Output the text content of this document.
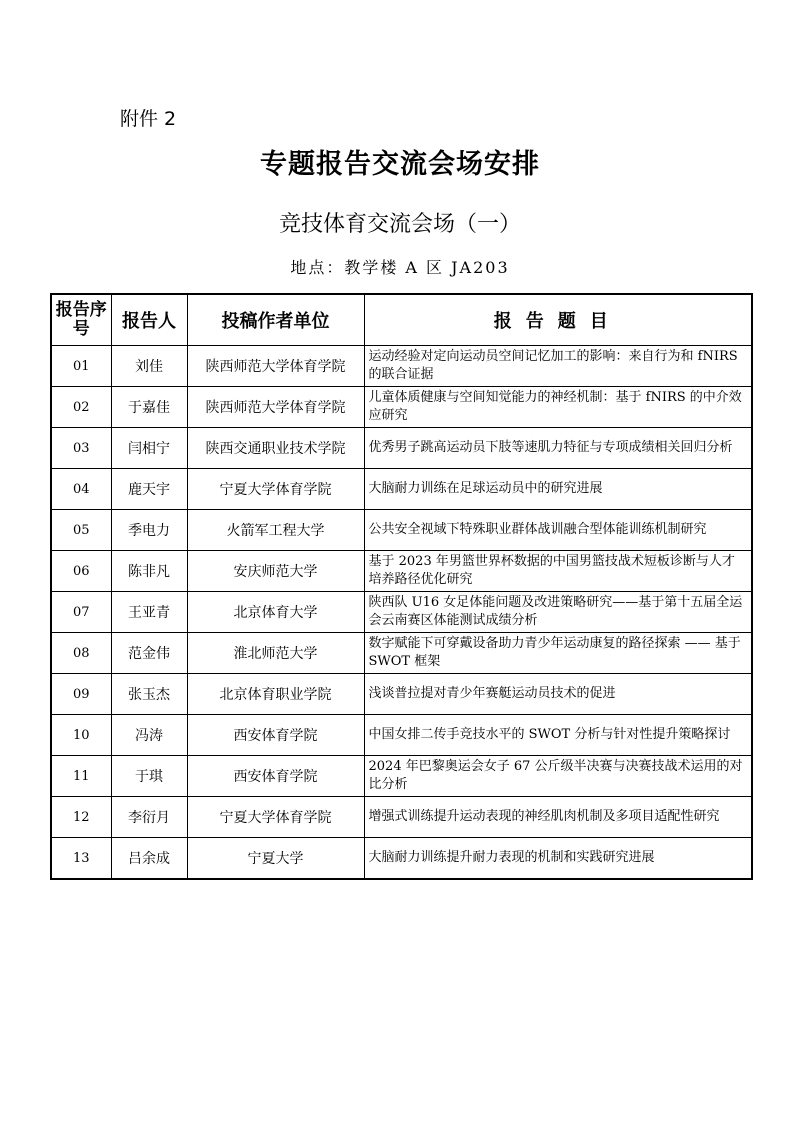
附件 2
专题报告交流会场安排
竞技体育交流会场（一）
地点：教学楼 A 区 JA203
报告序号	报告人	投稿作者单位	报告题目
01	刘佳	陕西师范大学体育学院	运动经验对定向运动员空间记忆加工的影响：来自行为和 fNIRS 的联合证据
02	于嘉佳	陕西师范大学体育学院	儿童体质健康与空间知觉能力的神经机制：基于 fNIRS 的中介效应研究
03	闫相宁	陕西交通职业技术学院	优秀男子跳高运动员下肢等速肌力特征与专项成绩相关回归分析
04	鹿天宇	宁夏大学体育学院	大脑耐力训练在足球运动员中的研究进展
05	季电力	火箭军工程大学	公共安全视域下特殊职业群体战训融合型体能训练机制研究
06	陈非凡	安庆师范大学	基于 2023 年男篮世界杯数据的中国男篮技战术短板诊断与人才培养路径优化研究
07	王亚青	北京体育大学	陕西队 U16 女足体能问题及改进策略研究——基于第十五届全运会云南赛区体能测试成绩分析
08	范金伟	淮北师范大学	数字赋能下可穿戴设备助力青少年运动康复的路径探索 —— 基于 SWOT 框架
09	张玉杰	北京体育职业学院	浅谈普拉提对青少年赛艇运动员技术的促进
10	冯涛	西安体育学院	中国女排二传手竞技水平的 SWOT 分析与针对性提升策略探讨
11	于琪	西安体育学院	2024 年巴黎奥运会女子 67 公斤级半决赛与决赛技战术运用的对比分析
12	李衍月	宁夏大学体育学院	增强式训练提升运动表现的神经肌肉机制及多项目适配性研究
13	吕余成	宁夏大学	大脑耐力训练提升耐力表现的机制和实践研究进展
